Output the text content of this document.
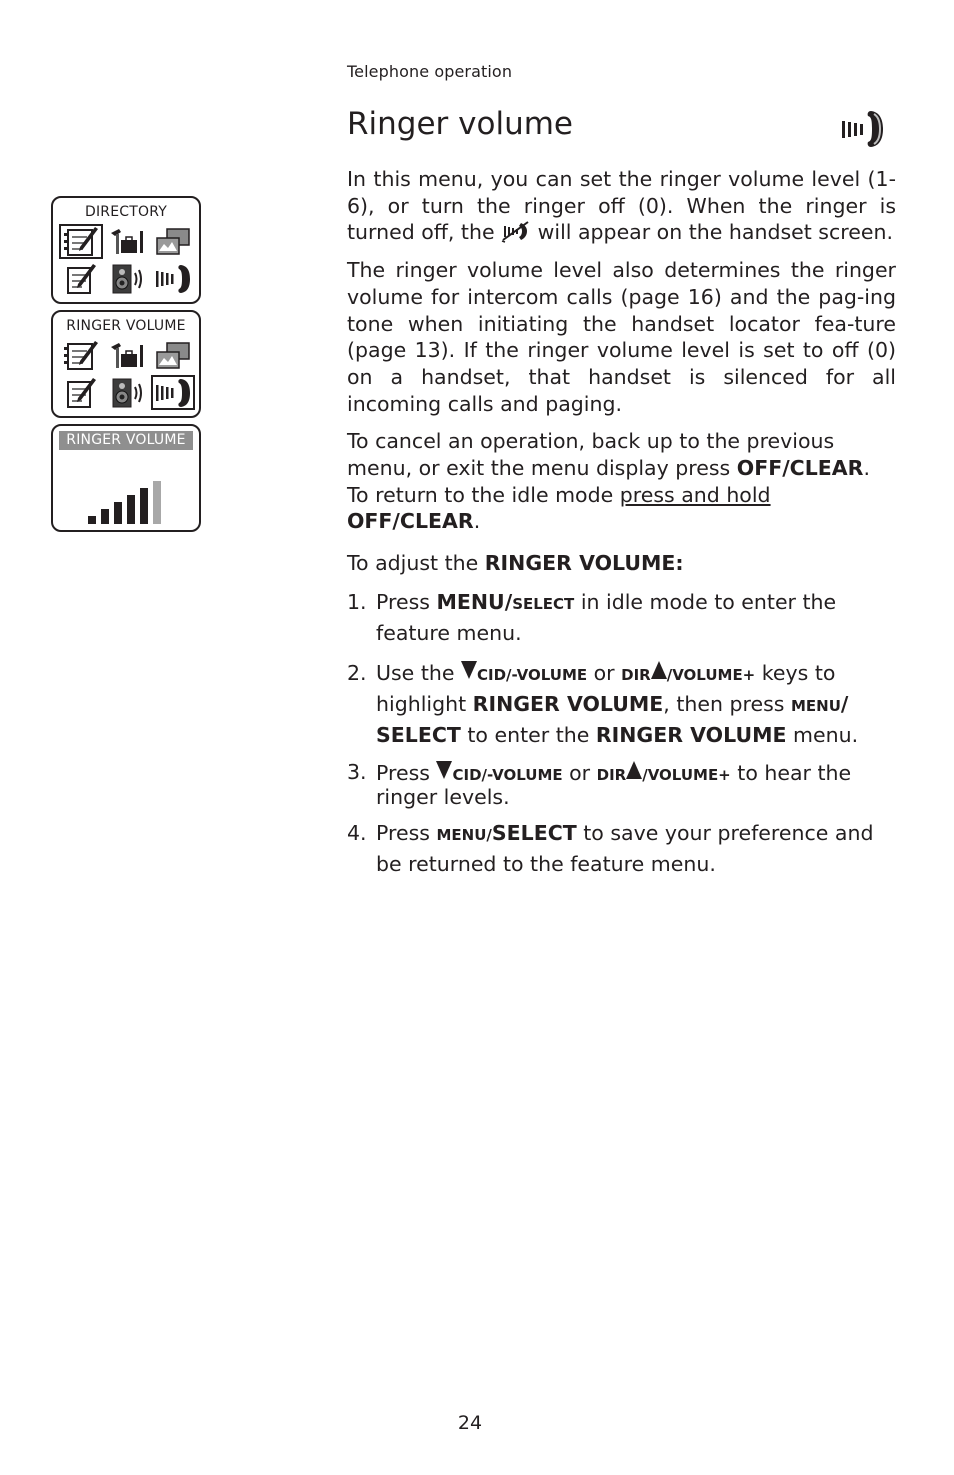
Telephone operation
Ringer volume

In this menu, you can set the ringer volume level (1-6), or turn the ringer off (0). When the ringer is turned off, the  will appear on the handset screen.

The ringer volume level also determines the ringer volume for intercom calls (page 16) and the pag-ing tone when initiating the handset locator fea-ture (page 13). If the ringer volume level is set to off (0) on a handset, that handset is silenced for all incoming calls and paging.

To cancel an operation, back up to the previous menu, or exit the menu display press OFF/CLEAR. To return to the idle mode press and hold
OFF/CLEAR.

To adjust the RINGER VOLUME:

1. Press MENU/SELECT in idle mode to enter the feature menu.
2. Use the CID/-VOLUME or DIR /VOLUME+ keys to highlight RINGER VOLUME, then press MENU/ SELECT to enter the RINGER VOLUME menu.
3. Press CID/-VOLUME or DIR /VOLUME+ to hear the ringer levels.
4. Press MENU/SELECT to save your preference and be returned to the feature menu.
DIRECTORY
RINGER VOLUME
RINGER VOLUME
24
